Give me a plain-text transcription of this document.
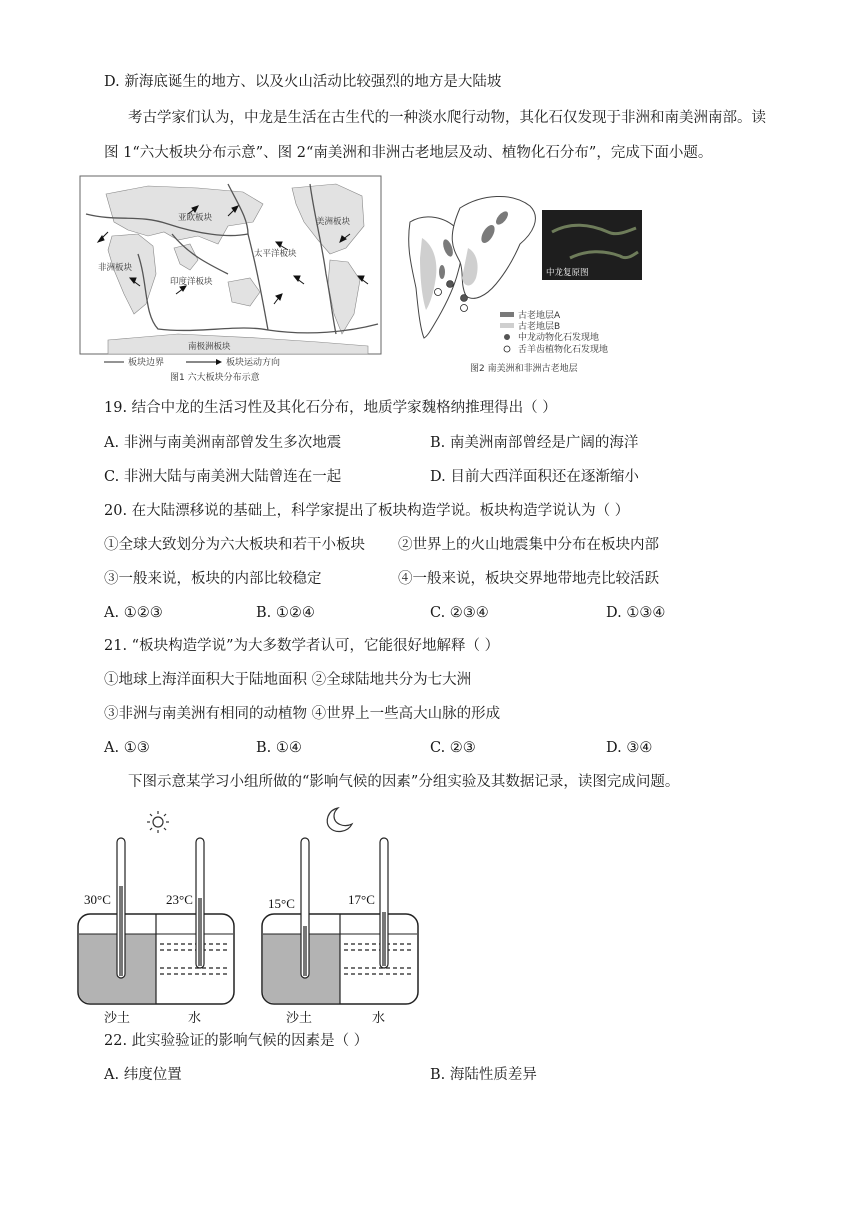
D. 新海底诞生的地方、以及火山活动比较强烈的地方是大陆坡
考古学家们认为，中龙是生活在古生代的一种淡水爬行动物，其化石仅发现于非洲和南美洲南部。读
图 1“六大板块分布示意”、图 2“南美洲和非洲古老地层及动、植物化石分布”，完成下面小题。
亚欧板块	美洲板块
非洲板块
太平洋板块
印度洋板块
南极洲板块
板块边界	板块运动方向
图1 六大板块分布示意
中龙复原图
古老地层A
古老地层B
中龙动物化石发现地
舌羊齿植物化石发现地
图2 南美洲和非洲古老地层
19. 结合中龙的生活习性及其化石分布，地质学家魏格纳推理得出（ ）
A. 非洲与南美洲南部曾发生多次地震	B. 南美洲南部曾经是广阔的海洋
C. 非洲大陆与南美洲大陆曾连在一起	D. 目前大西洋面积还在逐渐缩小
20. 在大陆漂移说的基础上，科学家提出了板块构造学说。板块构造学说认为（ ）
①全球大致划分为六大板块和若干小板块 ②世界上的火山地震集中分布在板块内部
③一般来说，板块的内部比较稳定	④一般来说，板块交界地带地壳比较活跃
A. ①②③	B. ①②④	C. ②③④	D. ①③④
21. “板块构造学说”为大多数学者认可，它能很好地解释（ ）
①地球上海洋面积大于陆地面积 ②全球陆地共分为七大洲
③非洲与南美洲有相同的动植物 ④世界上一些高大山脉的形成
A. ①③	B. ①④	C. ②③	D. ③④
下图示意某学习小组所做的“影响气候的因素”分组实验及其数据记录，读图完成问题。
30°C	23°C
沙土	水
15°C	17°C
沙土	水
22. 此实验验证的影响气候的因素是（ ）
A. 纬度位置	B. 海陆性质差异
